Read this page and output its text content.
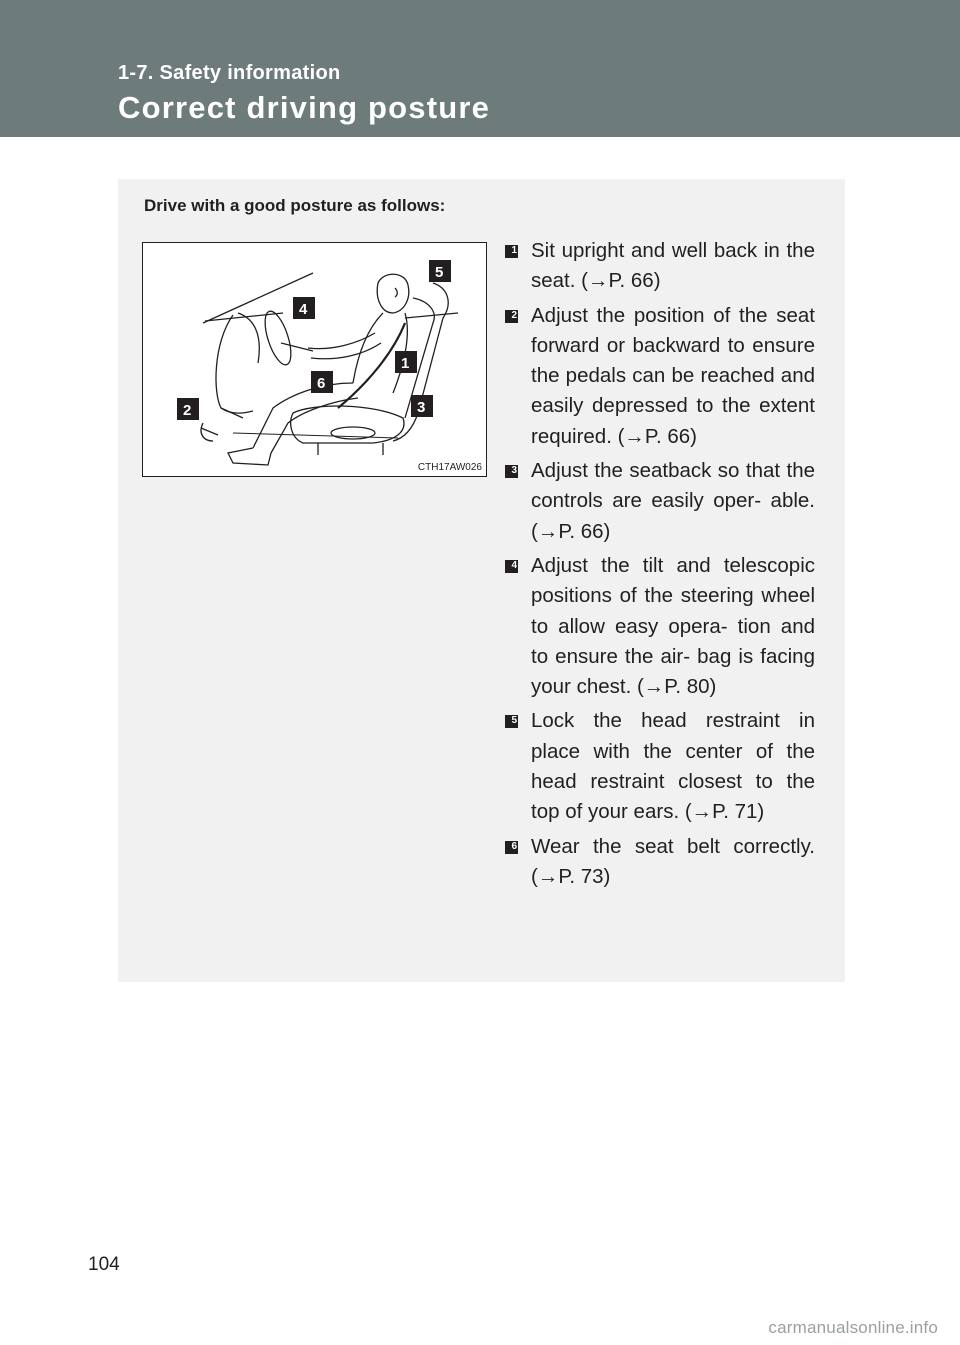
1-7. Safety information
Correct driving posture
Drive with a good posture as follows:
1
2	3
4
5
6
CTH17AW026
1 Sit upright and well back in the seat. (→P. 66)
2 Adjust the position of the seat forward or backward to ensure the pedals can be reached and easily depressed to the extent required. (→P. 66)
3 Adjust the seatback so that the controls are easily oper- able. (→P. 66)
4 Adjust the tilt and telescopic positions of the steering wheel to allow easy opera- tion and to ensure the air- bag is facing your chest. (→P. 80)
5 Lock the head restraint in place with the center of the head restraint closest to the top of your ears. (→P. 71)
6 Wear the seat belt correctly. (→P. 73)
104
carmanualsonline.info
